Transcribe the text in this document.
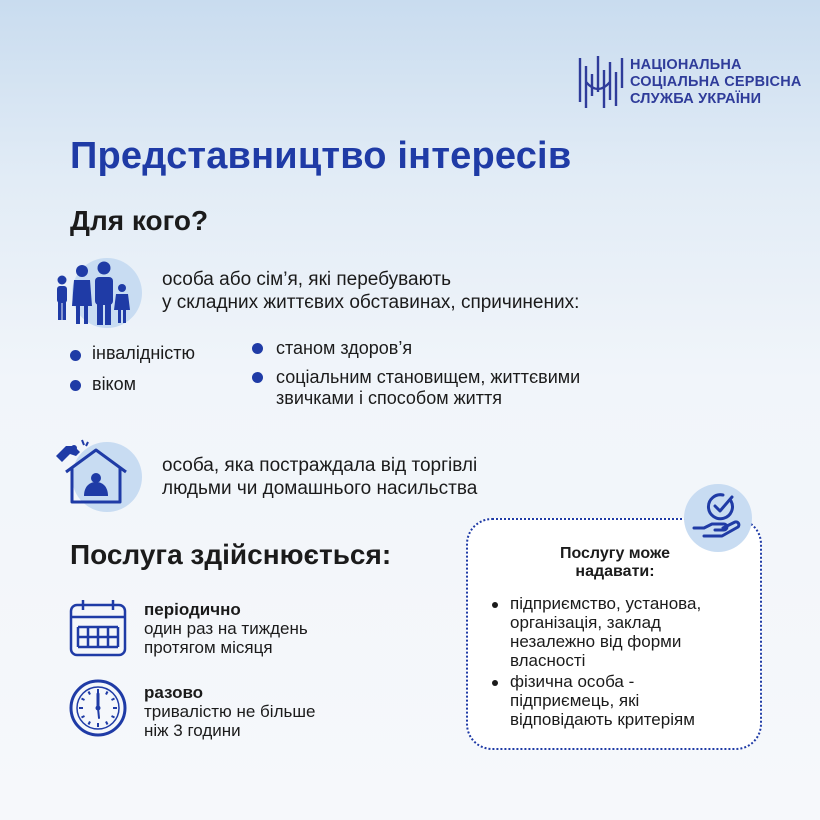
НАЦІОНАЛЬНА
СОЦІАЛЬНА СЕРВІСНА
СЛУЖБА УКРАЇНИ
Представництво інтересів
Для кого?
особа або сім’я, які перебувають
у складних життєвих обставинах, спричинених:
інвалідністю
віком
станом здоров’я
соціальним становищем, життєвими
звичками і способом життя
особа, яка постраждала від торгівлі
людьми чи домашнього насильства
Послуга здійснюється:
періодично
один раз на тиждень
протягом місяця
разово
тривалістю не більше
ніж 3 години
Послугу може
надавати:
підприємство, установа,
організація, заклад
незалежно від форми
власності
фізична особа -
підприємець, які
відповідають критеріям
